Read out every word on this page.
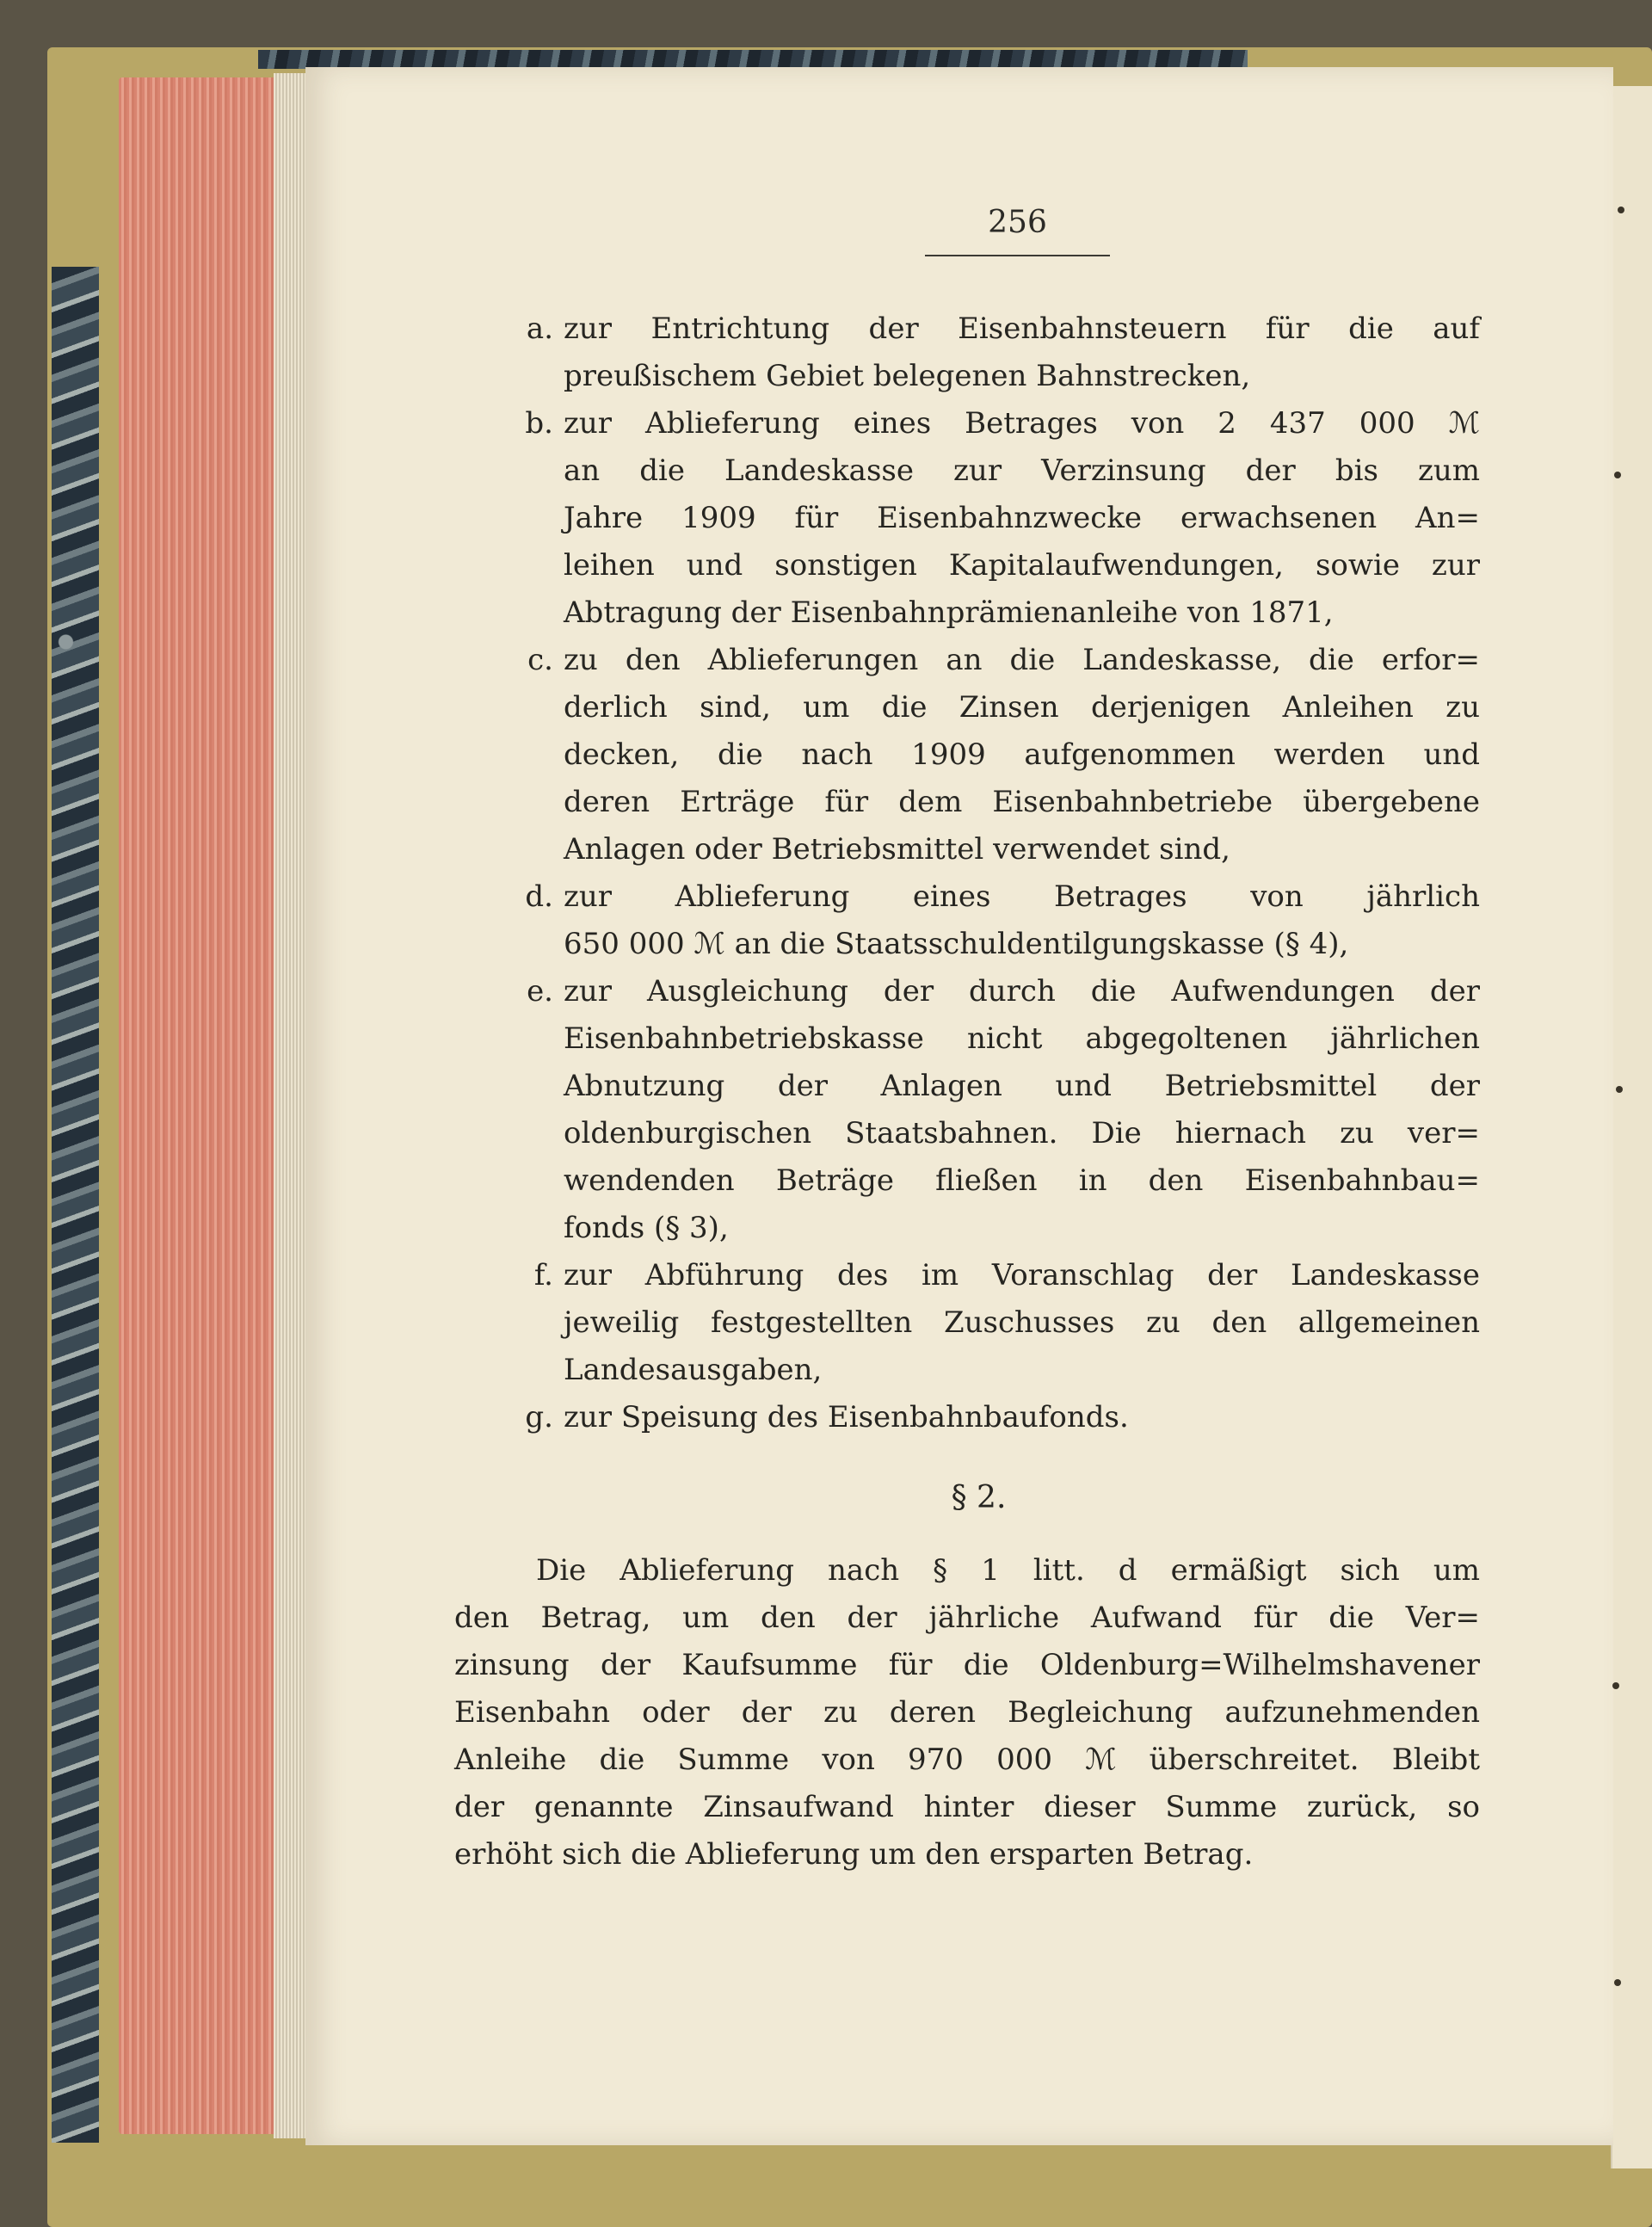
256
a. zur Entrichtung der Eisenbahnsteuern für die auf
preußischem Gebiet belegenen Bahnstrecken,
b. zur Ablieferung eines Betrages von 2 437 000 ℳ
an die Landeskasse zur Verzinsung der bis zum
Jahre 1909 für Eisenbahnzwecke erwachsenen An=
leihen und sonstigen Kapitalaufwendungen, sowie zur
Abtragung der Eisenbahnprämienanleihe von 1871,
c. zu den Ablieferungen an die Landeskasse, die erfor=
derlich sind, um die Zinsen derjenigen Anleihen zu
decken, die nach 1909 aufgenommen werden und
deren Erträge für dem Eisenbahnbetriebe übergebene
Anlagen oder Betriebsmittel verwendet sind,
d. zur Ablieferung eines Betrages von jährlich
650 000 ℳ an die Staatsschuldentilgungskasse (§ 4),
e. zur Ausgleichung der durch die Aufwendungen der
Eisenbahnbetriebskasse nicht abgegoltenen jährlichen
Abnutzung der Anlagen und Betriebsmittel der
oldenburgischen Staatsbahnen. Die hiernach zu ver=
wendenden Beträge fließen in den Eisenbahnbau=
fonds (§ 3),
f. zur Abführung des im Voranschlag der Landeskasse
jeweilig festgestellten Zuschusses zu den allgemeinen
Landesausgaben,
g. zur Speisung des Eisenbahnbaufonds.
§ 2.
Die Ablieferung nach § 1 litt. d ermäßigt sich um
den Betrag, um den der jährliche Aufwand für die Ver=
zinsung der Kaufsumme für die Oldenburg=Wilhelmshavener
Eisenbahn oder der zu deren Begleichung aufzunehmenden
Anleihe die Summe von 970 000 ℳ überschreitet. Bleibt
der genannte Zinsaufwand hinter dieser Summe zurück, so
erhöht sich die Ablieferung um den ersparten Betrag.
